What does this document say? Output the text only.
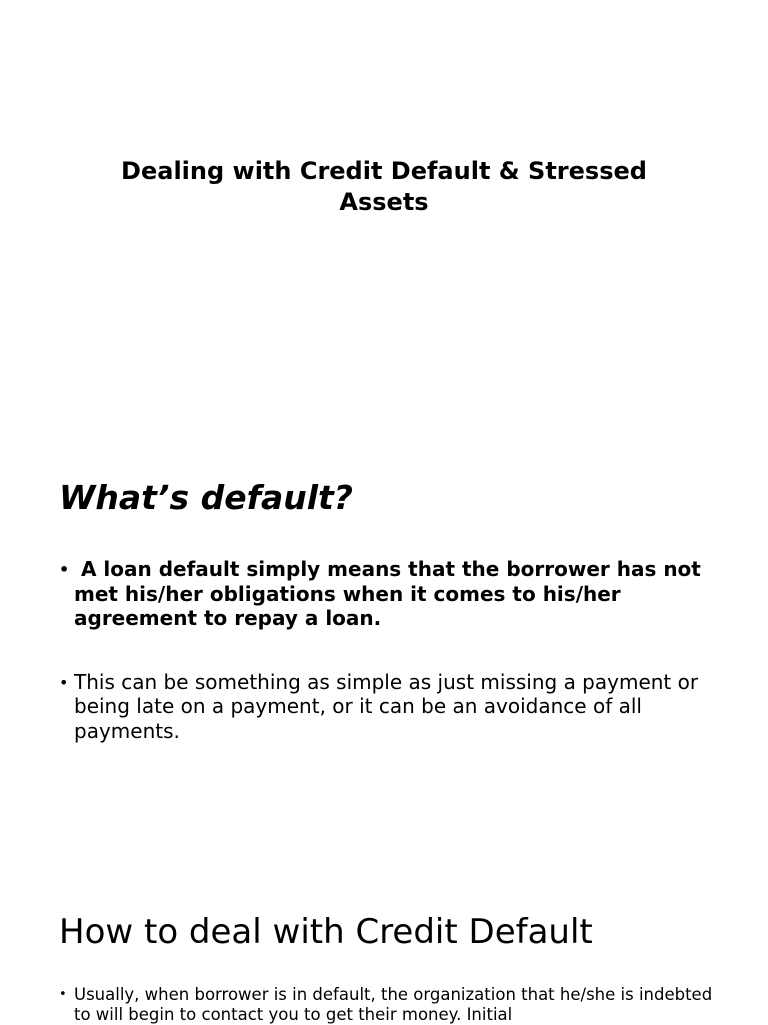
Dealing with Credit Default & Stressed Assets
What’s default?
• A loan default simply means that the borrower has not met his/her obligations when it comes to his/her agreement to repay a loan.
• This can be something as simple as just missing a payment or being late on a payment, or it can be an avoidance of all payments.
How to deal with Credit Default
• Usually, when borrower is in default, the organization that he/she is indebted to will begin to contact you to get their money. Initial
